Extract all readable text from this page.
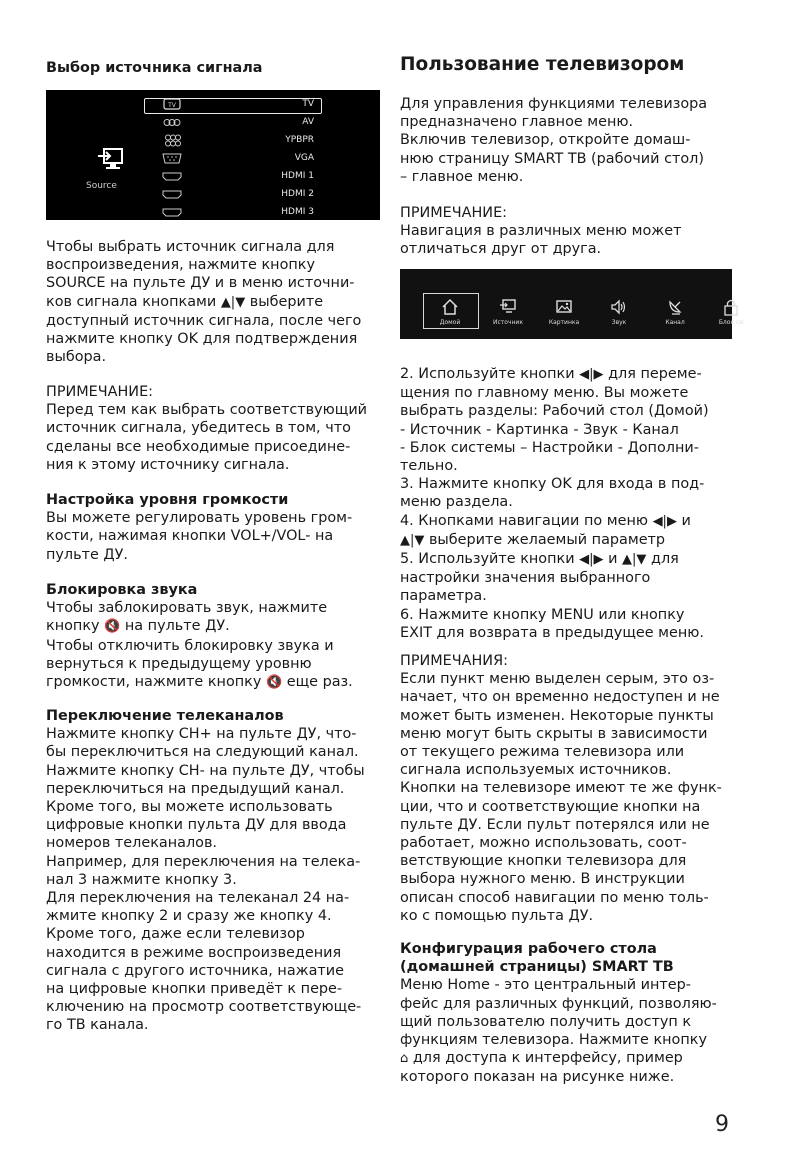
Выбор источника сигнала
Source
TV	TV
AV
YPBPR
VGA
HDMI 1
HDMI 2
HDMI 3
Чтобы выбрать источник сигнала для
воспроизведения, нажмите кнопку
SOURCE на пульте ДУ и в меню источни-
ков сигнала кнопками ▲|▼ выберите
доступный источник сигнала, после чего
нажмите кнопку OK для подтверждения
выбора.
ПРИМЕЧАНИЕ:
Перед тем как выбрать соответствующий
источник сигнала, убедитесь в том, что
сделаны все необходимые присоедине-
ния к этому источнику сигнала.
Настройка уровня громкости
Вы можете регулировать уровень гром-
кости, нажимая кнопки VOL+/VOL- на
пульте ДУ.
Блокировка звука
Чтобы заблокировать звук, нажмите
кнопку 🔇 на пульте ДУ.
Чтобы отключить блокировку звука и
вернуться к предыдущему уровню
громкости, нажмите кнопку 🔇 еще раз.
Переключение телеканалов
Нажмите кнопку CH+ на пульте ДУ, что-
бы переключиться на следующий канал.
Нажмите кнопку CH- на пульте ДУ, чтобы
переключиться на предыдущий канал.
Кроме того, вы можете использовать
цифровые кнопки пульта ДУ для ввода
номеров телеканалов.
Например, для переключения на телека-
нал 3 нажмите кнопку 3.
Для переключения на телеканал 24 на-
жмите кнопку 2 и сразу же кнопку 4.
Кроме того, даже если телевизор
находится в режиме воспроизведения
сигнала с другого источника, нажатие
на цифровые кнопки приведёт к пере-
ключению на просмотр соответствующе-
го ТВ канала.
Пользование телевизором
Для управления функциями телевизора
предназначено главное меню.
Включив телевизор, откройте домаш-
нюю страницу SMART ТВ (рабочий стол)
– главное меню.
ПРИМЕЧАНИЕ:
Навигация в различных меню может
отличаться друг от друга.
Домой	Источник	Картинка	Звук	Канал	Блок си
2. Используйте кнопки ◀|▶ для переме-
щения по главному меню. Вы можете
выбрать разделы: Рабочий стол (Домой)
- Источник - Картинка - Звук - Канал
- Блок системы – Настройки - Дополни-
тельно.
3. Нажмите кнопку OK для входа в под-
меню раздела.
4. Кнопками навигации по меню ◀|▶ и
▲|▼ выберите желаемый параметр
5. Используйте кнопки ◀|▶ и ▲|▼ для
настройки значения выбранного
параметра.
6. Нажмите кнопку MENU или кнопку
EXIT для возврата в предыдущее меню.
ПРИМЕЧАНИЯ:
Если пункт меню выделен серым, это оз-
начает, что он временно недоступен и не
может быть изменен. Некоторые пункты
меню могут быть скрыты в зависимости
от текущего режима телевизора или
сигнала используемых источников.
Кнопки на телевизоре имеют те же функ-
ции, что и соответствующие кнопки на
пульте ДУ. Если пульт потерялся или не
работает, можно использовать, соот-
ветствующие кнопки телевизора для
выбора нужного меню. В инструкции
описан способ навигации по меню толь-
ко с помощью пульта ДУ.
Конфигурация рабочего стола
(домашней страницы) SMART ТВ
Меню Home - это центральный интер-
фейс для различных функций, позволяю-
щий пользователю получить доступ к
функциям телевизора. Нажмите кнопку
⌂ для доступа к интерфейсу, пример
которого показан на рисунке ниже.
9
